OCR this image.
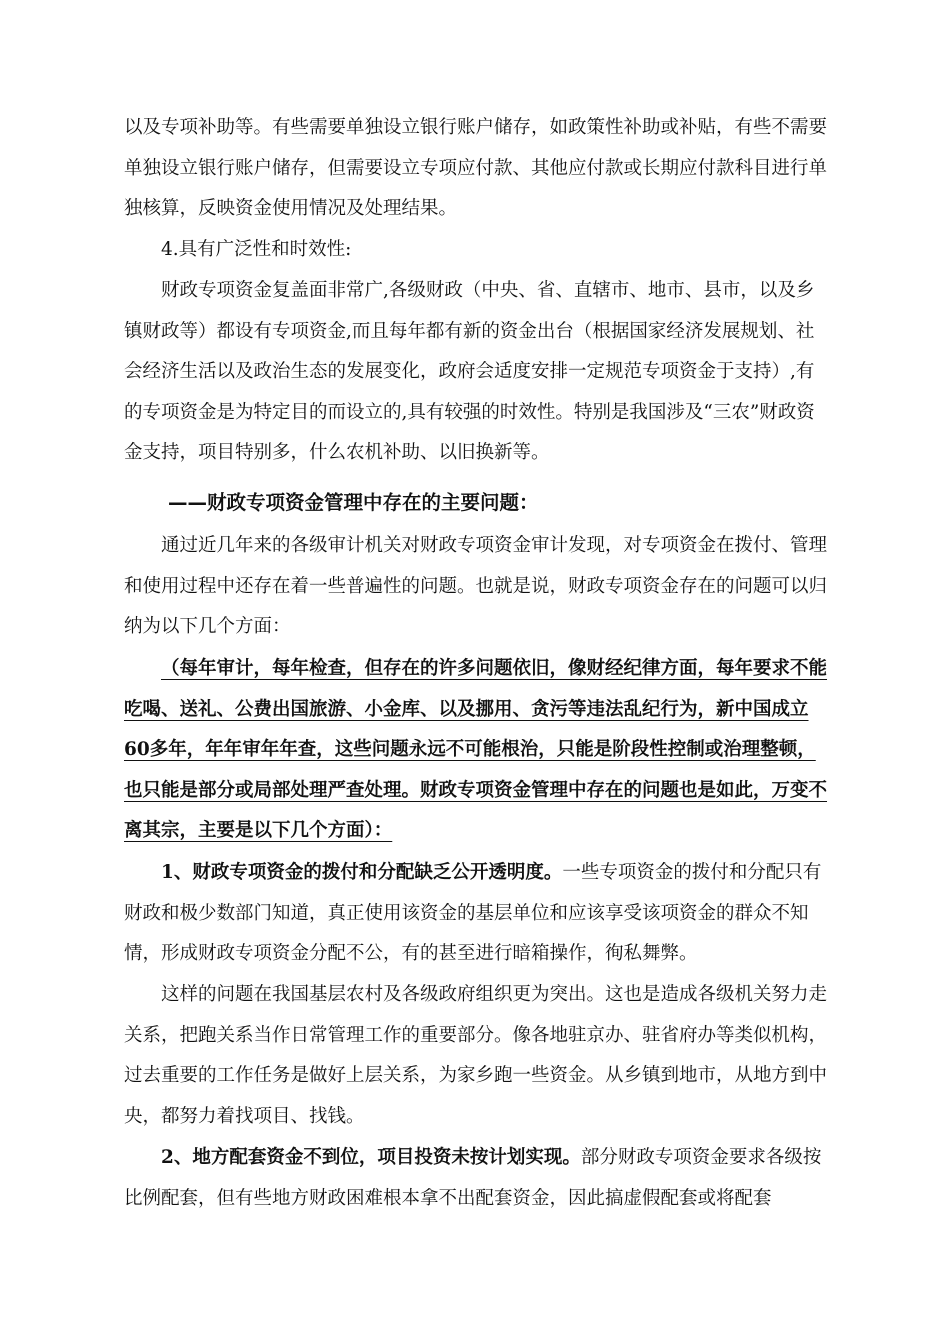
以及专项补助等。有些需要单独设立银行账户储存，如政策性补助或补贴，有些不需要单独设立银行账户储存，但需要设立专项应付款、其他应付款或长期应付款科目进行单独核算，反映资金使用情况及处理结果。

4.具有广泛性和时效性:

财政专项资金复盖面非常广,各级财政（中央、省、直辖市、地市、县市，以及乡镇财政等）都设有专项资金,而且每年都有新的资金出台（根据国家经济发展规划、社会经济生活以及政治生态的发展变化，政府会适度安排一定规范专项资金于支持）,有的专项资金是为特定目的而设立的,具有较强的时效性。特别是我国涉及“三农”财政资金支持，项目特别多，什么农机补助、以旧换新等。

——财政专项资金管理中存在的主要问题：

通过近几年来的各级审计机关对财政专项资金审计发现，对专项资金在拨付、管理和使用过程中还存在着一些普遍性的问题。也就是说，财政专项资金存在的问题可以归纳为以下几个方面：

（每年审计，每年检查，但存在的许多问题依旧，像财经纪律方面，每年要求不能吃喝、送礼、公费出国旅游、小金库、以及挪用、贪污等违法乱纪行为，新中国成立60多年，年年审年年查，这些问题永远不可能根治，只能是阶段性控制或治理整顿，也只能是部分或局部处理严查处理。财政专项资金管理中存在的问题也是如此，万变不离其宗，主要是以下几个方面）：

1、财政专项资金的拨付和分配缺乏公开透明度。一些专项资金的拨付和分配只有财政和极少数部门知道，真正使用该资金的基层单位和应该享受该项资金的群众不知情，形成财政专项资金分配不公，有的甚至进行暗箱操作，徇私舞弊。

这样的问题在我国基层农村及各级政府组织更为突出。这也是造成各级机关努力走关系，把跑关系当作日常管理工作的重要部分。像各地驻京办、驻省府办等类似机构，过去重要的工作任务是做好上层关系，为家乡跑一些资金。从乡镇到地市，从地方到中央，都努力着找项目、找钱。

2、地方配套资金不到位，项目投资未按计划实现。部分财政专项资金要求各级按比例配套，但有些地方财政困难根本拿不出配套资金，因此搞虚假配套或将配套
